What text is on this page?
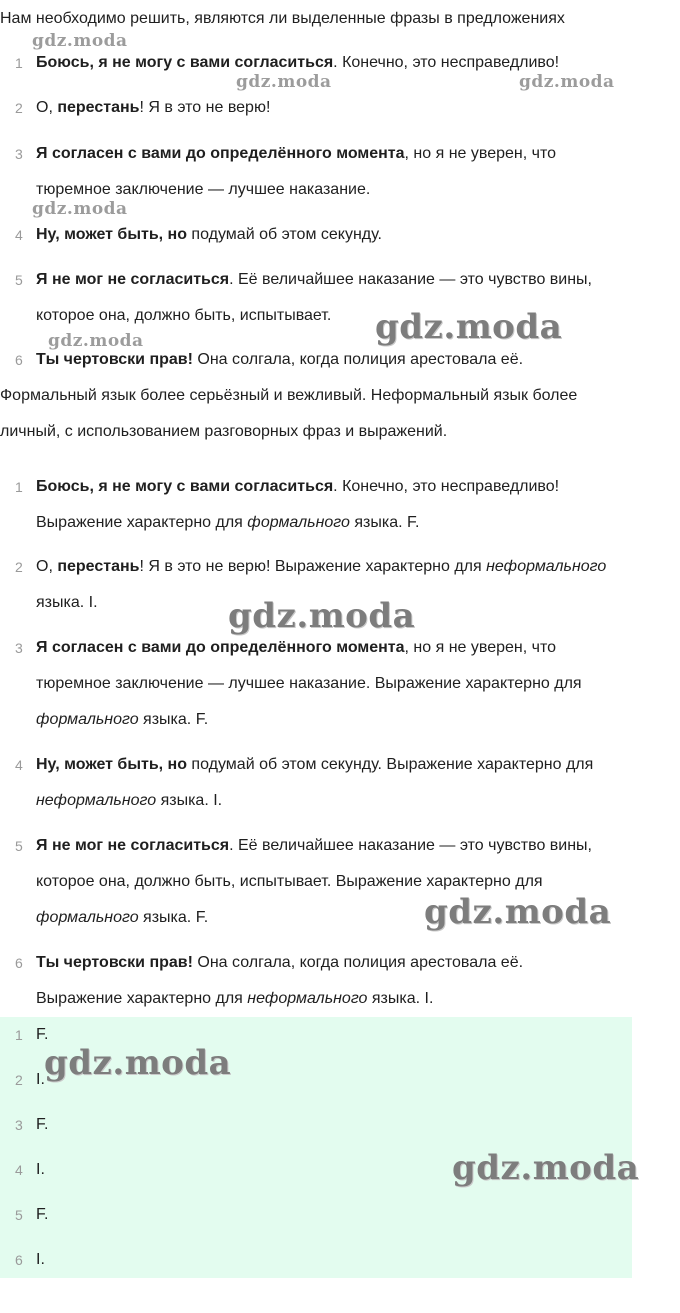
Нам необходимо решить, являются ли выделенные фразы в предложениях
1 Боюсь, я не могу с вами согласиться. Конечно, это несправедливо!
2 О, перестань! Я в это не верю!
3 Я согласен с вами до определённого момента, но я не уверен, что
тюремное заключение — лучшее наказание.
4 Ну, может быть, но подумай об этом секунду.
5 Я не мог не согласиться. Её величайшее наказание — это чувство вины,
которое она, должно быть, испытывает.
6 Ты чертовски прав! Она солгала, когда полиция арестовала её.
Формальный язык более серьёзный и вежливый. Неформальный язык более
личный, с использованием разговорных фраз и выражений.
1 Боюсь, я не могу с вами согласиться. Конечно, это несправедливо!
Выражение характерно для формального языка. F.
2 О, перестань! Я в это не верю! Выражение характерно для неформального
языка. I.
3 Я согласен с вами до определённого момента, но я не уверен, что
тюремное заключение — лучшее наказание. Выражение характерно для
формального языка. F.
4 Ну, может быть, но подумай об этом секунду. Выражение характерно для
неформального языка. I.
5 Я не мог не согласиться. Её величайшее наказание — это чувство вины,
которое она, должно быть, испытывает. Выражение характерно для
формального языка. F.
6 Ты чертовски прав! Она солгала, когда полиция арестовала её.
Выражение характерно для неформального языка. I.
1 F.
2 I.
3 F.
4 I.
5 F.
6 I.
gdz.moda
gdz.moda	gdz.moda
gdz.moda
gdz.moda	gdz.moda
gdz.moda
gdz.moda
gdz.moda
gdz.moda
